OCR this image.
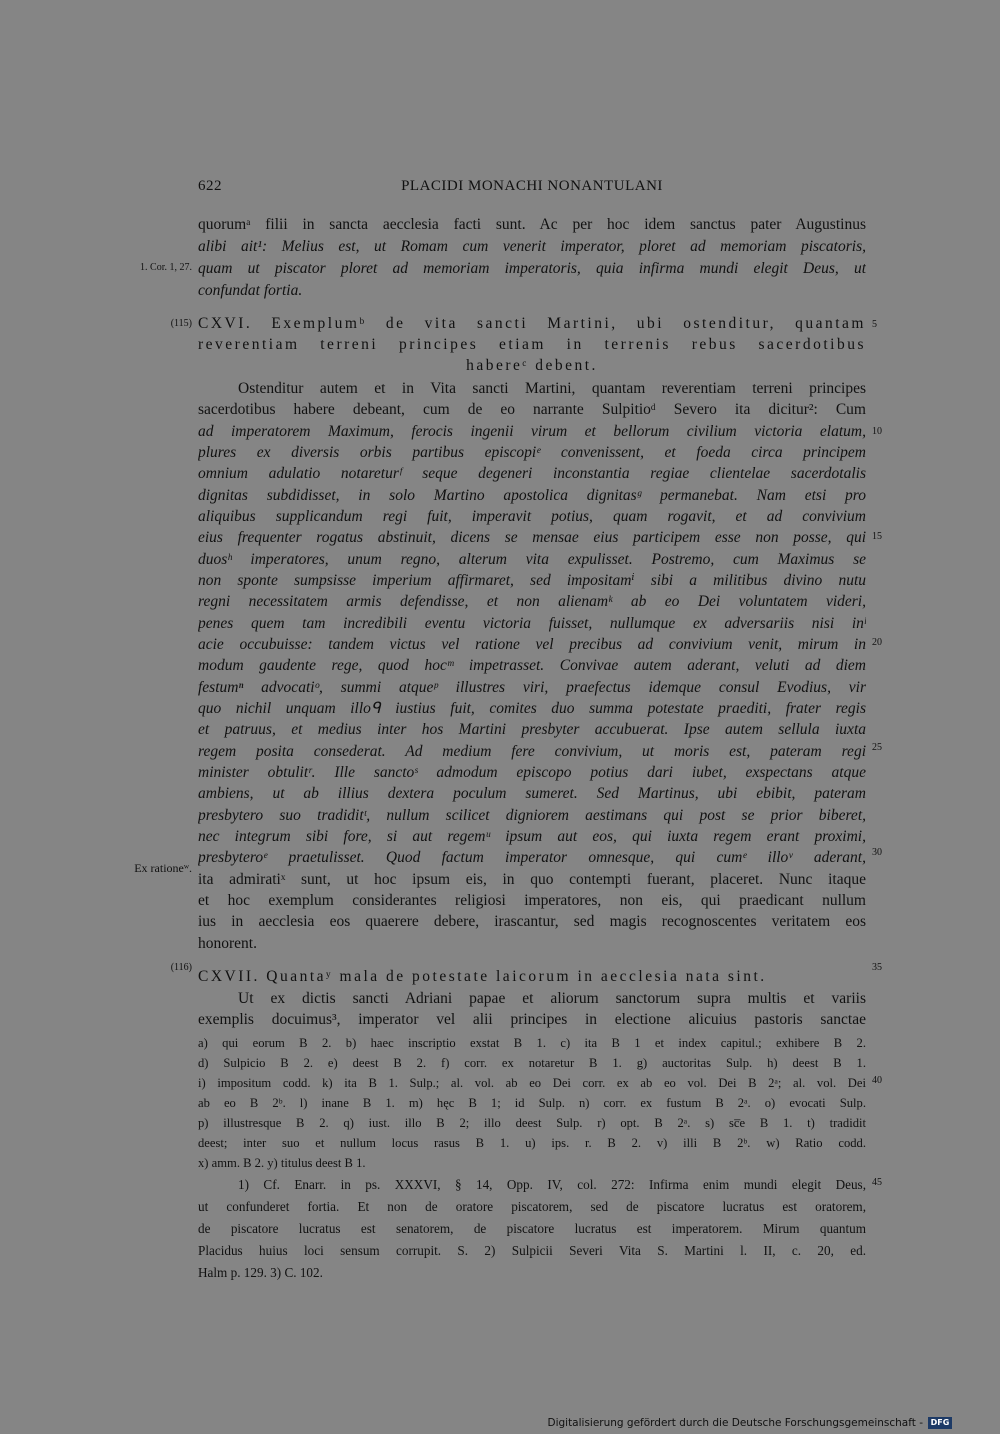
622	PLACIDI MONACHI NONANTULANI
quorumᵃ filii in sancta aecclesia facti sunt. Ac per hoc idem sanctus pater Augustinus
alibi ait¹: Melius est, ut Romam cum venerit imperator, ploret ad memoriam piscatoris,
quam ut piscator ploret ad memoriam imperatoris, quia infirma mundi elegit Deus, ut
confundat fortia.
CXVI. Exemplumᵇ de vita sancti Martini, ubi ostenditur, quantam
reverentiam terreni principes etiam in terrenis rebus sacerdotibus
habereᶜ debent.
Ostenditur autem et in Vita sancti Martini, quantam reverentiam terreni principes
sacerdotibus habere debeant, cum de eo narrante Sulpitioᵈ Severo ita dicitur²: Cum
ad imperatorem Maximum, ferocis ingenii virum et bellorum civilium victoria elatum,
plures ex diversis orbis partibus episcopiᵉ convenissent, et foeda circa principem
omnium adulatio notareturᶠ seque degeneri inconstantia regiae clientelae sacerdotalis
dignitas subdidisset, in solo Martino apostolica dignitasᵍ permanebat. Nam etsi pro
aliquibus supplicandum regi fuit, imperavit potius, quam rogavit, et ad convivium
eius frequenter rogatus abstinuit, dicens se mensae eius participem esse non posse, qui
duosʰ imperatores, unum regno, alterum vita expulisset. Postremo, cum Maximus se
non sponte sumpsisse imperium affirmaret, sed impositamⁱ sibi a militibus divino nutu
regni necessitatem armis defendisse, et non alienamᵏ ab eo Dei voluntatem videri,
penes quem tam incredibili eventu victoria fuisset, nullumque ex adversariis nisi inˡ
acie occubuisse: tandem victus vel ratione vel precibus ad convivium venit, mirum in
modum gaudente rege, quod hocᵐ impetrasset. Convivae autem aderant, veluti ad diem
festumⁿ advocatiᵒ, summi atqueᵖ illustres viri, praefectus idemque consul Evodius, vir
quo nichil unquam illoᑫ iustius fuit, comites duo summa potestate praediti, frater regis
et patruus, et medius inter hos Martini presbyter accubuerat. Ipse autem sellula iuxta
regem posita consederat. Ad medium fere convivium, ut moris est, pateram regi
minister obtulitʳ. Ille sanctoˢ admodum episcopo potius dari iubet, exspectans atque
ambiens, ut ab illius dextera poculum sumeret. Sed Martinus, ubi ebibit, pateram
presbytero suo tradiditᵗ, nullum scilicet digniorem aestimans qui post se prior biberet,
nec integrum sibi fore, si aut regemᵘ ipsum aut eos, qui iuxta regem erant proximi,
presbyteroᵉ praetulisset. Quod factum imperator omnesque, qui cumᵉ illoᵛ aderant,
ita admiratiˣ sunt, ut hoc ipsum eis, in quo contempti fuerant, placeret. Nunc itaque
et hoc exemplum considerantes religiosi imperatores, non eis, qui praedicant nullum
ius in aecclesia eos quaerere debere, irascantur, sed magis recognoscentes veritatem eos
honorent.
CXVII. Quantaʸ mala de potestate laicorum in aecclesia nata sint.
Ut ex dictis sancti Adriani papae et aliorum sanctorum supra multis et variis
exemplis docuimus³, imperator vel alii principes in electione alicuius pastoris sanctae
a) qui eorum B 2. b) haec inscriptio exstat B 1. c) ita B 1 et index capitul.; exhibere B 2.
d) Sulpicio B 2. e) deest B 2. f) corr. ex notaretur B 1. g) auctoritas Sulp. h) deest B 1.
i) impositum codd. k) ita B 1. Sulp.; al. vol. ab eo Dei corr. ex ab eo vol. Dei B 2ᵃ; al. vol. Dei
ab eo B 2ᵇ. l) inane B 1. m) hęc B 1; id Sulp. n) corr. ex fustum B 2ᵃ. o) evocati Sulp.
p) illustresque B 2. q) iust. illo B 2; illo deest Sulp. r) opt. B 2ᵃ. s) sc̅e B 1. t) tradidit
deest; inter suo et nullum locus rasus B 1. u) ips. r. B 2. v) illi B 2ᵇ. w) Ratio codd.
x) amm. B 2. y) titulus deest B 1.
1) Cf. Enarr. in ps. XXXVI, § 14, Opp. IV, col. 272: Infirma enim mundi elegit Deus,
ut confunderet fortia. Et non de oratore piscatorem, sed de piscatore lucratus est oratorem,
de piscatore lucratus est senatorem, de piscatore lucratus est imperatorem. Mirum quantum
Placidus huius loci sensum corrupit. S. 2) Sulpicii Severi Vita S. Martini l. II, c. 20, ed.
Halm p. 129. 3) C. 102.
1. Cor. 1, 27.
(115)
Ex rationeʷ.
(116)
5
10
15
20
25
30
35
40
45
Digitalisierung gefördert durch die Deutsche Forschungsgemeinschaft - DFG
